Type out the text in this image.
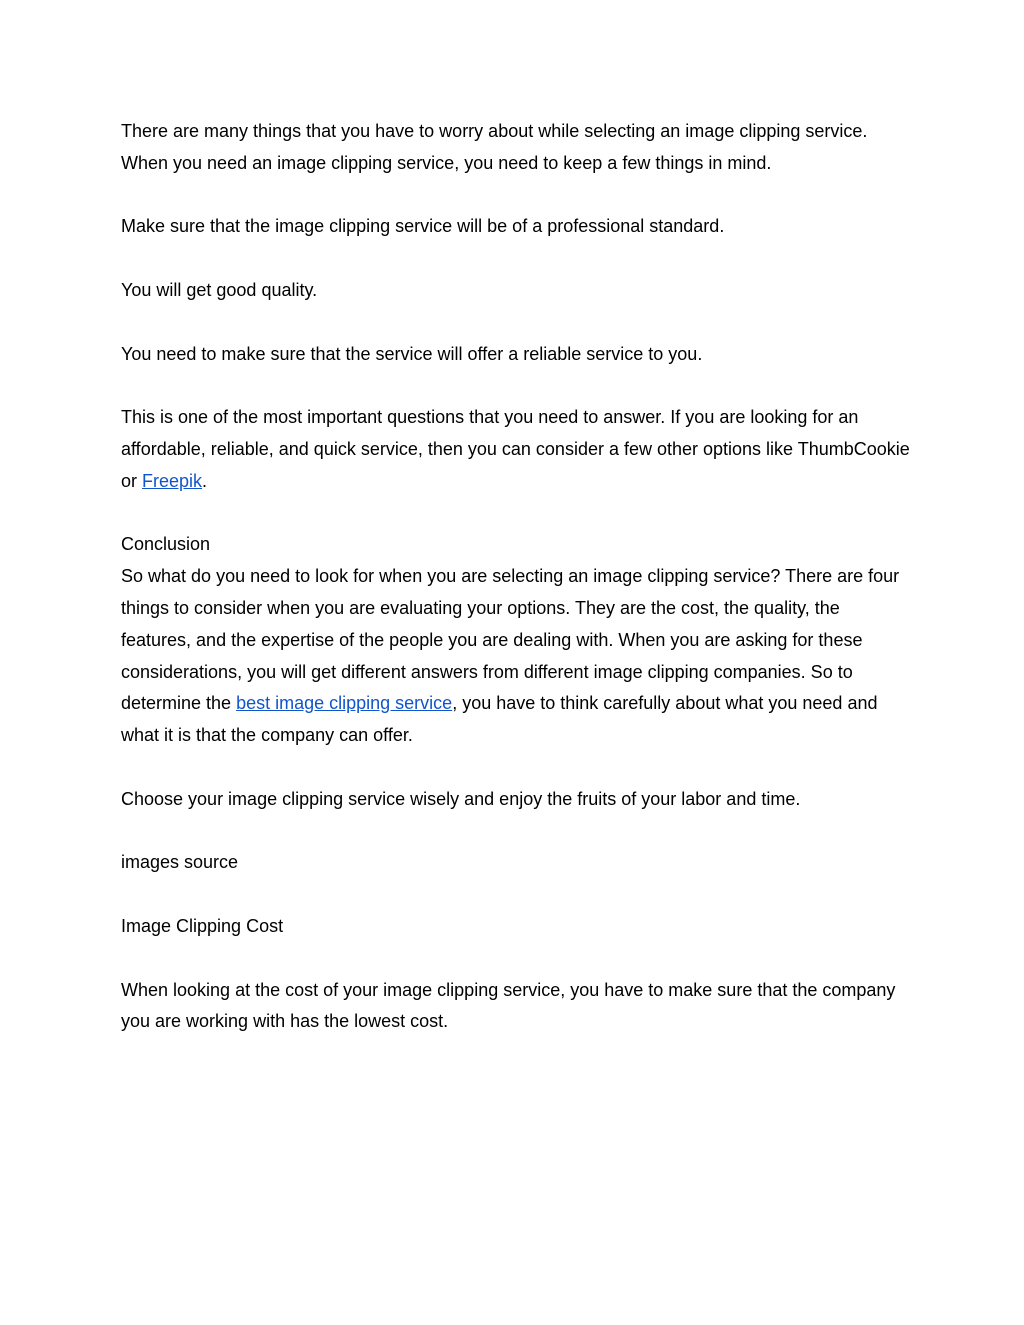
There are many things that you have to worry about while selecting an image clipping service. When you need an image clipping service, you need to keep a few things in mind.

Make sure that the image clipping service will be of a professional standard.

You will get good quality.

You need to make sure that the service will offer a reliable service to you.

This is one of the most important questions that you need to answer. If you are looking for an affordable, reliable, and quick service, then you can consider a few other options like ThumbCookie or Freepik.

Conclusion

So what do you need to look for when you are selecting an image clipping service? There are four things to consider when you are evaluating your options. They are the cost, the quality, the features, and the expertise of the people you are dealing with. When you are asking for these considerations, you will get different answers from different image clipping companies. So to determine the best image clipping service, you have to think carefully about what you need and what it is that the company can offer.

Choose your image clipping service wisely and enjoy the fruits of your labor and time.

images source

Image Clipping Cost

When looking at the cost of your image clipping service, you have to make sure that the company you are working with has the lowest cost.
